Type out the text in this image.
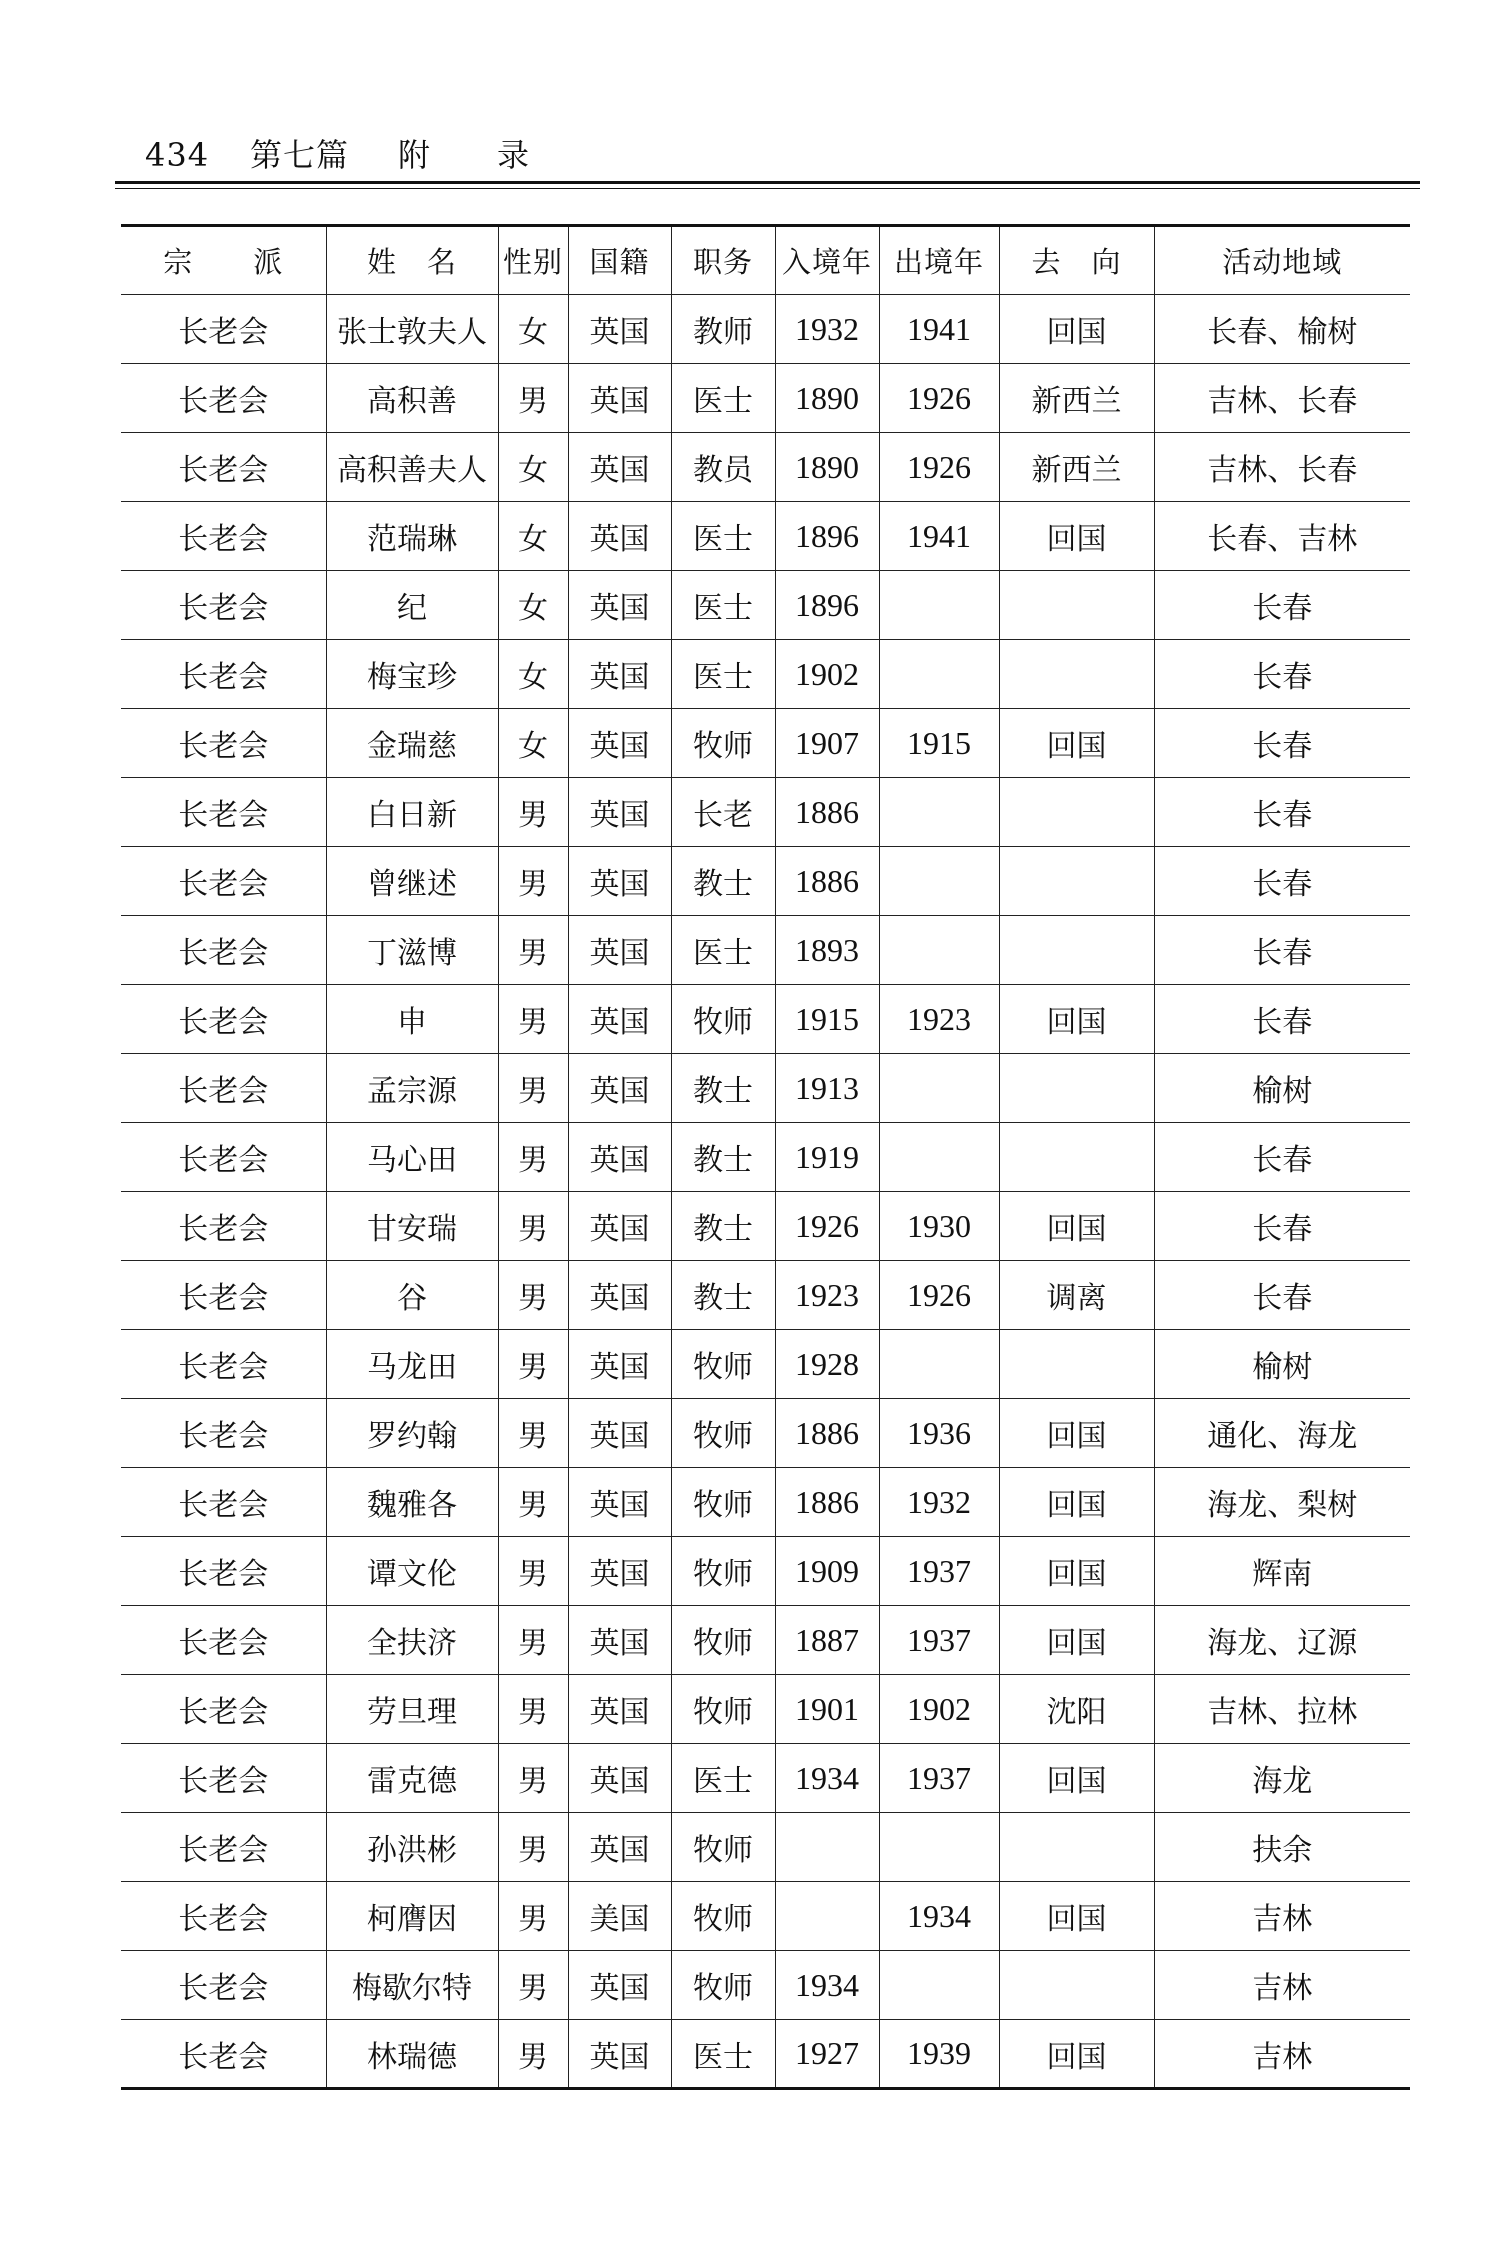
434 第七篇 附　　录
宗　　派	姓　名	性别	国籍	职务	入境年	出境年	去　向	活动地域
长老会	张士敦夫人	女	英国	教师	1932	1941	回国	长春、榆树
长老会	高积善	男	英国	医士	1890	1926	新西兰	吉林、长春
长老会	高积善夫人	女	英国	教员	1890	1926	新西兰	吉林、长春
长老会	范瑞琳	女	英国	医士	1896	1941	回国	长春、吉林
长老会	纪	女	英国	医士	1896			长春
长老会	梅宝珍	女	英国	医士	1902			长春
长老会	金瑞慈	女	英国	牧师	1907	1915	回国	长春
长老会	白日新	男	英国	长老	1886			长春
长老会	曾继述	男	英国	教士	1886			长春
长老会	丁滋博	男	英国	医士	1893			长春
长老会	申	男	英国	牧师	1915	1923	回国	长春
长老会	孟宗源	男	英国	教士	1913			榆树
长老会	马心田	男	英国	教士	1919			长春
长老会	甘安瑞	男	英国	教士	1926	1930	回国	长春
长老会	谷	男	英国	教士	1923	1926	调离	长春
长老会	马龙田	男	英国	牧师	1928			榆树
长老会	罗约翰	男	英国	牧师	1886	1936	回国	通化、海龙
长老会	魏雅各	男	英国	牧师	1886	1932	回国	海龙、梨树
长老会	谭文伦	男	英国	牧师	1909	1937	回国	辉南
长老会	全扶济	男	英国	牧师	1887	1937	回国	海龙、辽源
长老会	劳旦理	男	英国	牧师	1901	1902	沈阳	吉林、拉林
长老会	雷克德	男	英国	医士	1934	1937	回国	海龙
长老会	孙洪彬	男	英国	牧师				扶余
长老会	柯膺因	男	美国	牧师		1934	回国	吉林
长老会	梅歇尔特	男	英国	牧师	1934			吉林
长老会	林瑞德	男	英国	医士	1927	1939	回国	吉林
